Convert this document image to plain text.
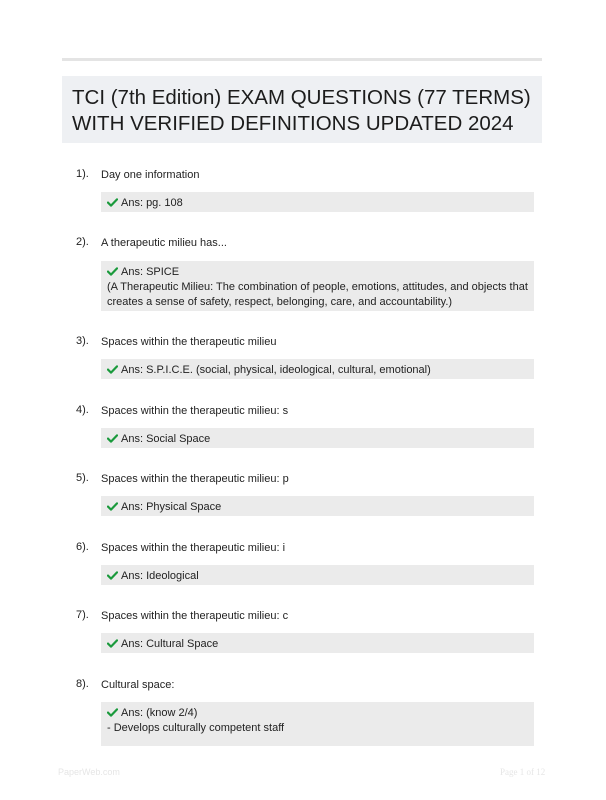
TCI (7th Edition) EXAM QUESTIONS (77 TERMS)
WITH VERIFIED DEFINITIONS UPDATED 2024
1). Day one information
Ans: pg. 108
2). A therapeutic milieu has...
Ans: SPICE
(A Therapeutic Milieu: The combination of people, emotions, attitudes, and objects that
creates a sense of safety, respect, belonging, care, and accountability.)
3). Spaces within the therapeutic milieu
Ans: S.P.I.C.E. (social, physical, ideological, cultural, emotional)
4). Spaces within the therapeutic milieu: s
Ans: Social Space
5). Spaces within the therapeutic milieu: p
Ans: Physical Space
6). Spaces within the therapeutic milieu: i
Ans: Ideological
7). Spaces within the therapeutic milieu: c
Ans: Cultural Space
8). Cultural space:
Ans: (know 2/4)
- Develops culturally competent staff
PaperWeb.com	Page 1 of 12
